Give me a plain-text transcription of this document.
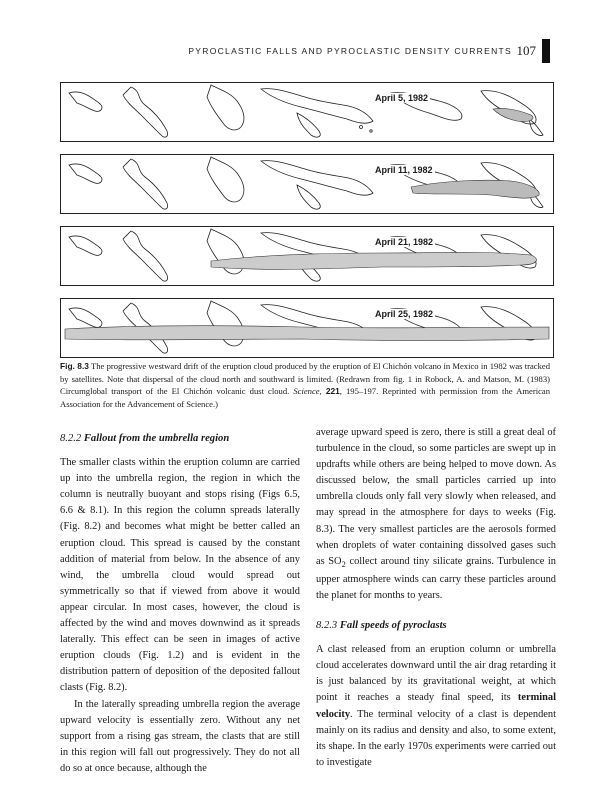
PYROCLASTIC FALLS AND PYROCLASTIC DENSITY CURRENTS 107
April 5, 1982
April 11, 1982
April 21, 1982
April 25, 1982
Fig. 8.3 The progressive westward drift of the eruption cloud produced by the eruption of El Chichón volcano in Mexico in 1982 was tracked by satellites. Note that dispersal of the cloud north and southward is limited. (Redrawn from fig. 1 in Robock, A. and Matson, M. (1983) Circumglobal transport of the El Chichón volcanic dust cloud. Science, 221, 195–197. Reprinted with permission from the American Association for the Advancement of Science.)

8.2.2 Fallout from the umbrella region

The smaller clasts within the eruption column are carried up into the umbrella region, the region in which the column is neutrally buoyant and stops rising (Figs 6.5, 6.6 & 8.1). In this region the column spreads laterally (Fig. 8.2) and becomes what might be better called an eruption cloud. This spread is caused by the constant addition of material from below. In the absence of any wind, the umbrella cloud would spread out symmetrically so that if viewed from above it would appear circular. In most cases, however, the cloud is affected by the wind and moves downwind as it spreads laterally. This effect can be seen in images of active eruption clouds (Fig. 1.2) and is evident in the distribution pattern of deposition of the deposited fallout clasts (Fig. 8.2).

In the laterally spreading umbrella region the average upward velocity is essentially zero. Without any net support from a rising gas stream, the clasts that are still in this region will fall out progressively. They do not all do so at once because, although the

average upward speed is zero, there is still a great deal of turbulence in the cloud, so some particles are swept up in updrafts while others are being helped to move down. As discussed below, the small particles carried up into umbrella clouds only fall very slowly when released, and may spread in the atmosphere for days to weeks (Fig. 8.3). The very smallest particles are the aerosols formed when droplets of water containing dissolved gases such as $SO_2$ collect around tiny silicate grains. Turbulence in upper atmosphere winds can carry these particles around the planet for months to years.

8.2.3 Fall speeds of pyroclasts

A clast released from an eruption column or umbrella cloud accelerates downward until the air drag retarding it is just balanced by its gravitational weight, at which point it reaches a steady final speed, its terminal velocity. The terminal velocity of a clast is dependent mainly on its radius and density and also, to some extent, its shape. In the early 1970s experiments were carried out to investigate
